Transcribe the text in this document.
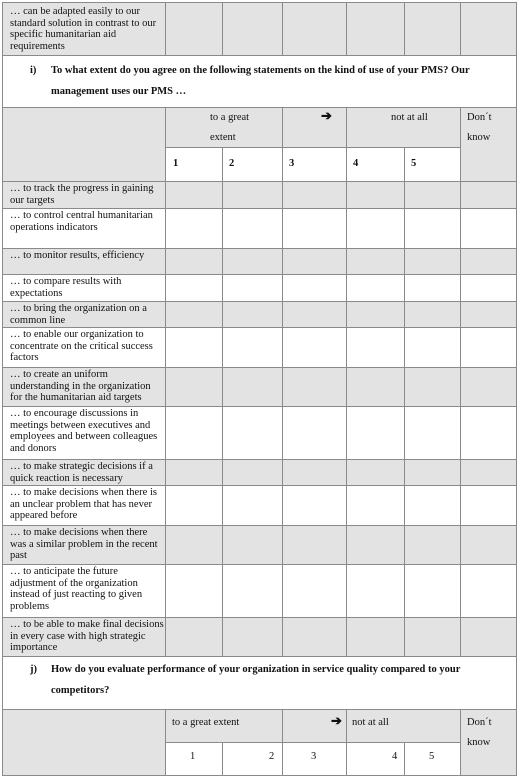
… can be adapted easily to our standard solution in contrast to our specific humanitarian aid requirements
i) To what extent do you agree on the following statements on the kind of use of your PMS? Our management uses our PMS …
to a great extent
➔	not at all	Don´t know
1	2	3	4	5
… to track the progress in gaining our targets
… to control central humanitarian operations indicators
… to monitor results, efficiency
… to compare results with expectations
… to bring the organization on a common line
… to enable our organization to concentrate on the critical success factors
… to create an uniform understanding in the organization for the humanitarian aid targets
… to encourage discussions in meetings between executives and employees and between colleagues and donors
… to make strategic decisions if a quick reaction is necessary
… to make decisions when there is an unclear problem that has never appeared before
… to make decisions when there was a similar problem in the recent past
… to anticipate the future adjustment of the organization instead of just reacting to given problems
… to be able to make final decisions in every case with high strategic importance
j) How do you evaluate performance of your organization in service quality compared to your competitors?
to a great extent	➔ not at all	Don´t know
1	2	3	4	5
